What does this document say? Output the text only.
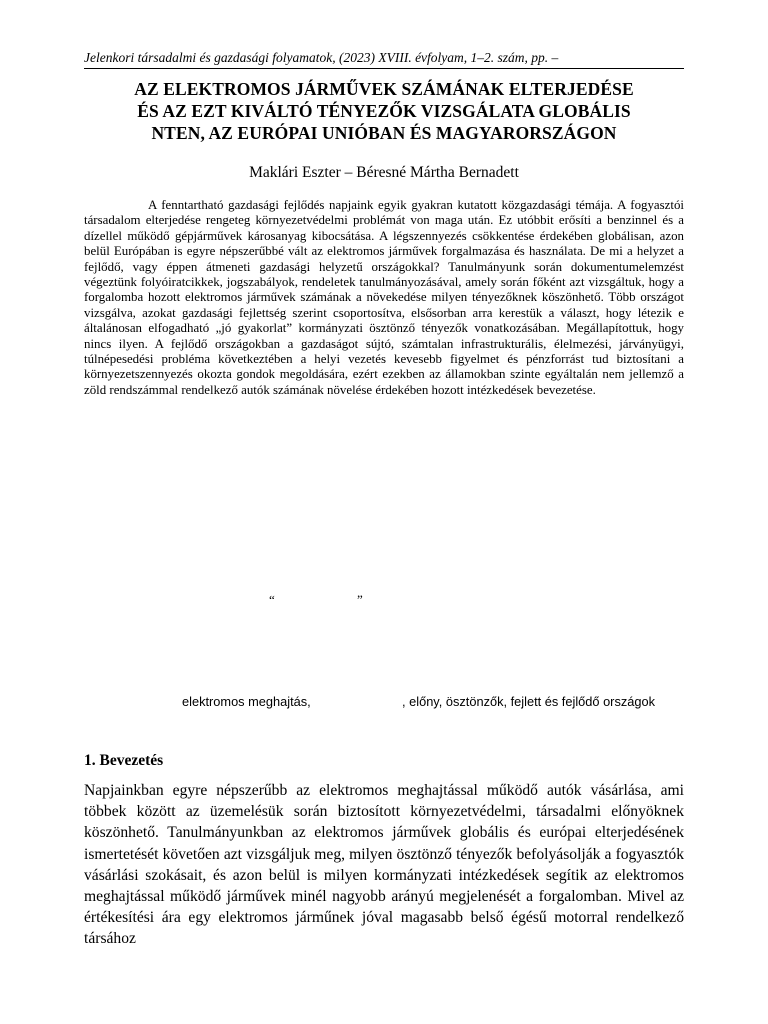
Jelenkori társadalmi és gazdasági folyamatok, (2023) XVIII. évfolyam, 1–2. szám, pp. –
AZ ELEKTROMOS JÁRMŰVEK SZÁMÁNAK ELTERJEDÉSE
ÉS AZ EZT KIVÁLTÓ TÉNYEZŐK VIZSGÁLATA GLOBÁLIS
NTEN, AZ EURÓPAI UNIÓBAN ÉS MAGYARORSZÁGON
Maklári Eszter – Béresné Mártha Bernadett

A fenntartható gazdasági fejlődés napjaink egyik gyakran kutatott közgazdasági témája. A fogyasztói társadalom elterjedése rengeteg környezetvédelmi problémát von maga után. Ez utóbbit erősíti a benzinnel és a dízellel működő gépjárművek károsanyag kibocsátása. A légszennyezés csökkentése érdekében globálisan, azon belül Európában is egyre népszerűbbé vált az elektromos járművek forgalmazása és használata. De mi a helyzet a fejlődő, vagy éppen átmeneti gazdasági helyzetű országokkal? Tanulmányunk során dokumentumelemzést végeztünk folyóiratcikkek, jogszabályok, rendeletek tanulmányozásával, amely során főként azt vizsgáltuk, hogy a forgalomba hozott elektromos járművek számának a növekedése milyen tényezőknek köszönhető. Több országot vizsgálva, azokat gazdasági fejlettség szerint csoportosítva, elsősorban arra kerestük a választ, hogy létezik e általánosan elfogadható „jó gyakorlat” kormányzati ösztönző tényezők vonatkozásában. Megállapítottuk, hogy nincs ilyen. A fejlődő országokban a gazdaságot sújtó, számtalan infrastrukturális, élelmezési, járványügyi, túlnépesedési probléma következtében a helyi vezetés kevesebb figyelmet és pénzforrást tud biztosítani a környezetszennyezés okozta gondok megoldására, ezért ezekben az államokban szinte egyáltalán nem jellemző a zöld rendszámmal rendelkező autók számának növelése érdekében hozott intézkedések bevezetése.

“	”
elektromos meghajtás,	, előny, ösztönzők, fejlett és fejlődő országok
1. Bevezetés

Napjainkban egyre népszerűbb az elektromos meghajtással működő autók vásárlása, ami többek között az üzemelésük során biztosított környezetvédelmi, társadalmi előnyöknek köszönhető. Tanulmányunkban az elektromos járművek globális és európai elterjedésének ismertetését követően azt vizsgáljuk meg, milyen ösztönző tényezők befolyásolják a fogyasztók vásárlási szokásait, és azon belül is milyen kormányzati intézkedések segítik az elektromos meghajtással működő járművek minél nagyobb arányú megjelenését a forgalomban. Mivel az értékesítési ára egy elektromos járműnek jóval magasabb belső égésű motorral rendelkező társához
